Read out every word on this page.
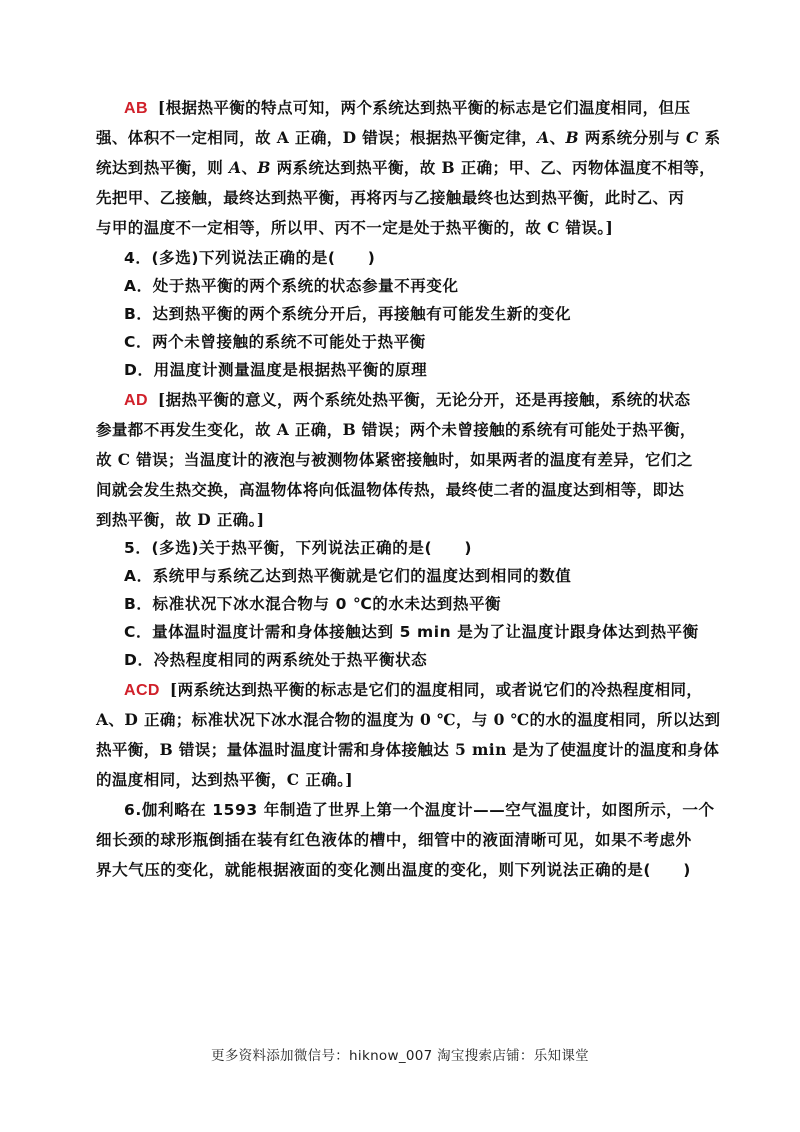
AB [根据热平衡的特点可知，两个系统达到热平衡的标志是它们温度相同，但压
强、体积不一定相同，故 A 正确，D 错误；根据热平衡定律，A、B 两系统分别与 C 系
统达到热平衡，则 A、B 两系统达到热平衡，故 B 正确；甲、乙、丙物体温度不相等，
先把甲、乙接触，最终达到热平衡，再将丙与乙接触最终也达到热平衡，此时乙、丙
与甲的温度不一定相等，所以甲、丙不一定是处于热平衡的，故 C 错误。]
4．(多选)下列说法正确的是(　　)
A．处于热平衡的两个系统的状态参量不再变化
B．达到热平衡的两个系统分开后，再接触有可能发生新的变化
C．两个未曾接触的系统不可能处于热平衡
D．用温度计测量温度是根据热平衡的原理
AD [据热平衡的意义，两个系统处热平衡，无论分开，还是再接触，系统的状态
参量都不再发生变化，故 A 正确，B 错误；两个未曾接触的系统有可能处于热平衡，
故 C 错误；当温度计的液泡与被测物体紧密接触时，如果两者的温度有差异，它们之
间就会发生热交换，高温物体将向低温物体传热，最终使二者的温度达到相等，即达
到热平衡，故 D 正确。]
5．(多选)关于热平衡，下列说法正确的是(　　)
A．系统甲与系统乙达到热平衡就是它们的温度达到相同的数值
B．标准状况下冰水混合物与 0 ℃的水未达到热平衡
C．量体温时温度计需和身体接触达到 5 min 是为了让温度计跟身体达到热平衡
D．冷热程度相同的两系统处于热平衡状态
ACD [两系统达到热平衡的标志是它们的温度相同，或者说它们的冷热程度相同，
A、D 正确；标准状况下冰水混合物的温度为 0 ℃，与 0 ℃的水的温度相同，所以达到
热平衡，B 错误；量体温时温度计需和身体接触达 5 min 是为了使温度计的温度和身体
的温度相同，达到热平衡，C 正确。]
6.伽利略在 1593 年制造了世界上第一个温度计——空气温度计，如图所示，一个
细长颈的球形瓶倒插在装有红色液体的槽中，细管中的液面清晰可见，如果不考虑外
界大气压的变化，就能根据液面的变化测出温度的变化，则下列说法正确的是(　　)
更多资料添加微信号：hiknow_007 淘宝搜索店铺：乐知课堂
